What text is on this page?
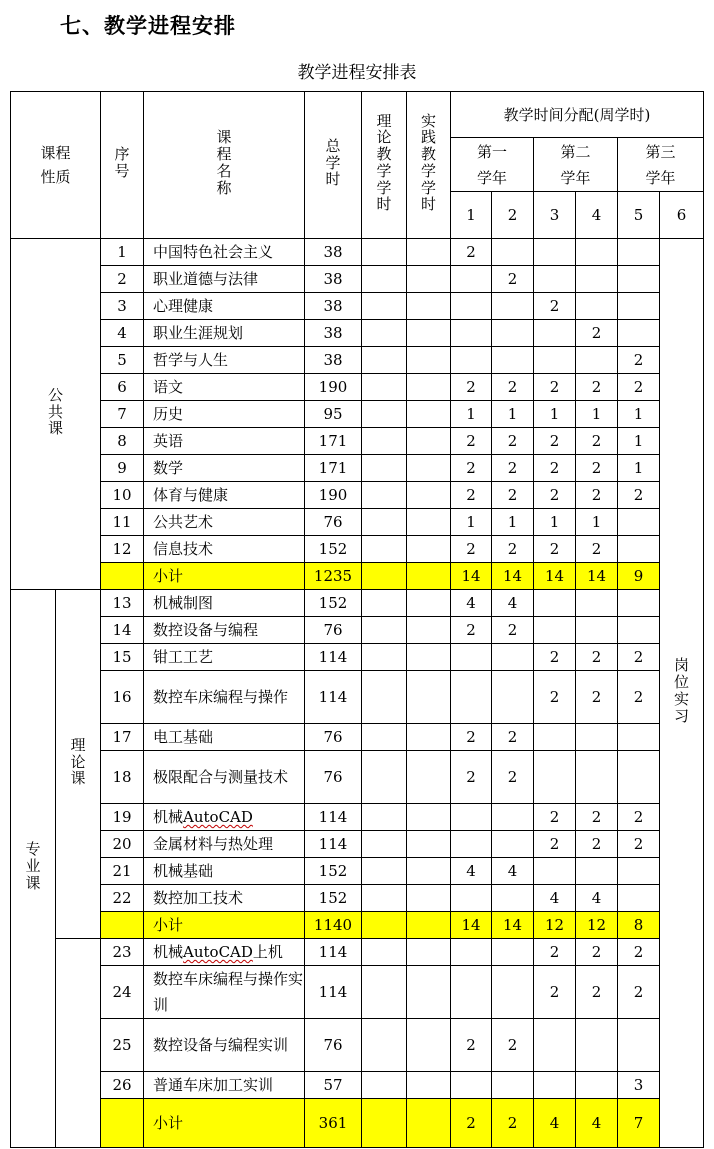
七、教学进程安排
教学进程安排表
课程性质		序号	课程名称	总学时	理论教学学时	实践教学学时	教学时间分配(周学时)					
							第一学年		第二学年		第三学年	
							1	2	3	4	5	6
公共课		1	中国特色社会主义	38			2					岗位实习
		2	职业道德与法律	38				2				
		3	心理健康	38					2			
		4	职业生涯规划	38						2		
		5	哲学与人生	38							2	
		6	语文	190			2	2	2	2	2	
		7	历史	95			1	1	1	1	1	
		8	英语	171			2	2	2	2	1	
		9	数学	171			2	2	2	2	1	
		10	体育与健康	190			2	2	2	2	2	
		11	公共艺术	76			1	1	1	1		
		12	信息技术	152			2	2	2	2		
			小计	1235			14	14	14	14	9	
专业课	理论课	13	机械制图	152			4	4				
		14	数控设备与编程	76			2	2				
		15	钳工工艺	114					2	2	2	
		16	数控车床编程与操作	114					2	2	2	
		17	电工基础	76			2	2				
		18	极限配合与测量技术	76			2	2				
		19	机械AutoCAD	114					2	2	2	
		20	金属材料与热处理	114					2	2	2	
		21	机械基础	152			4	4				
		22	数控加工技术	152					4	4		
			小计	1140			14	14	12	12	8	
		23	机械AutoCAD上机	114					2	2	2	
		24	数控车床编程与操作实训	114					2	2	2	
		25	数控设备与编程实训	76			2	2				
		26	普通车床加工实训	57							3	
			小计	361			2	2	4	4	7	
